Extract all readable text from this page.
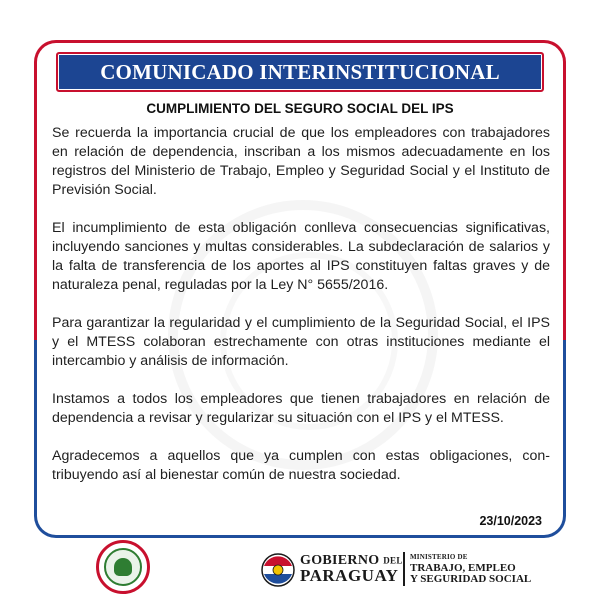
COMUNICADO INTERINSTITUCIONAL
CUMPLIMIENTO DEL SEGURO SOCIAL DEL IPS

Se recuerda la importancia crucial de que los empleadores con trabajadores en relación de dependencia, inscriban a los mismos adecuadamente en los registros del Ministerio de Trabajo, Empleo y Seguridad Social y el Instituto de Previsión Social.

El incumplimiento de esta obligación conlleva consecuencias significativas, incluyendo sanciones y multas considerables. La subdeclaración de salarios y la falta de transferencia de los aportes al IPS constituyen faltas graves y de naturaleza penal, reguladas por la Ley N° 5655/2016.

Para garantizar la regularidad y el cumplimiento de la Seguridad Social, el IPS y el MTESS colaboran estrechamente con otras instituciones mediante el intercambio y análisis de información.

Instamos a todos los empleadores que tienen trabajadores en relación de dependencia a revisar y regularizar su situación con el IPS y el MTESS.

Agradecemos a aquellos que ya cumplen con estas obligaciones, contribuyendo así al bienestar común de nuestra sociedad.

23/10/2023
GOBIERNO DEL
PARAGUAY
MINISTERIO DE
TRABAJO, EMPLEO
Y SEGURIDAD SOCIAL
